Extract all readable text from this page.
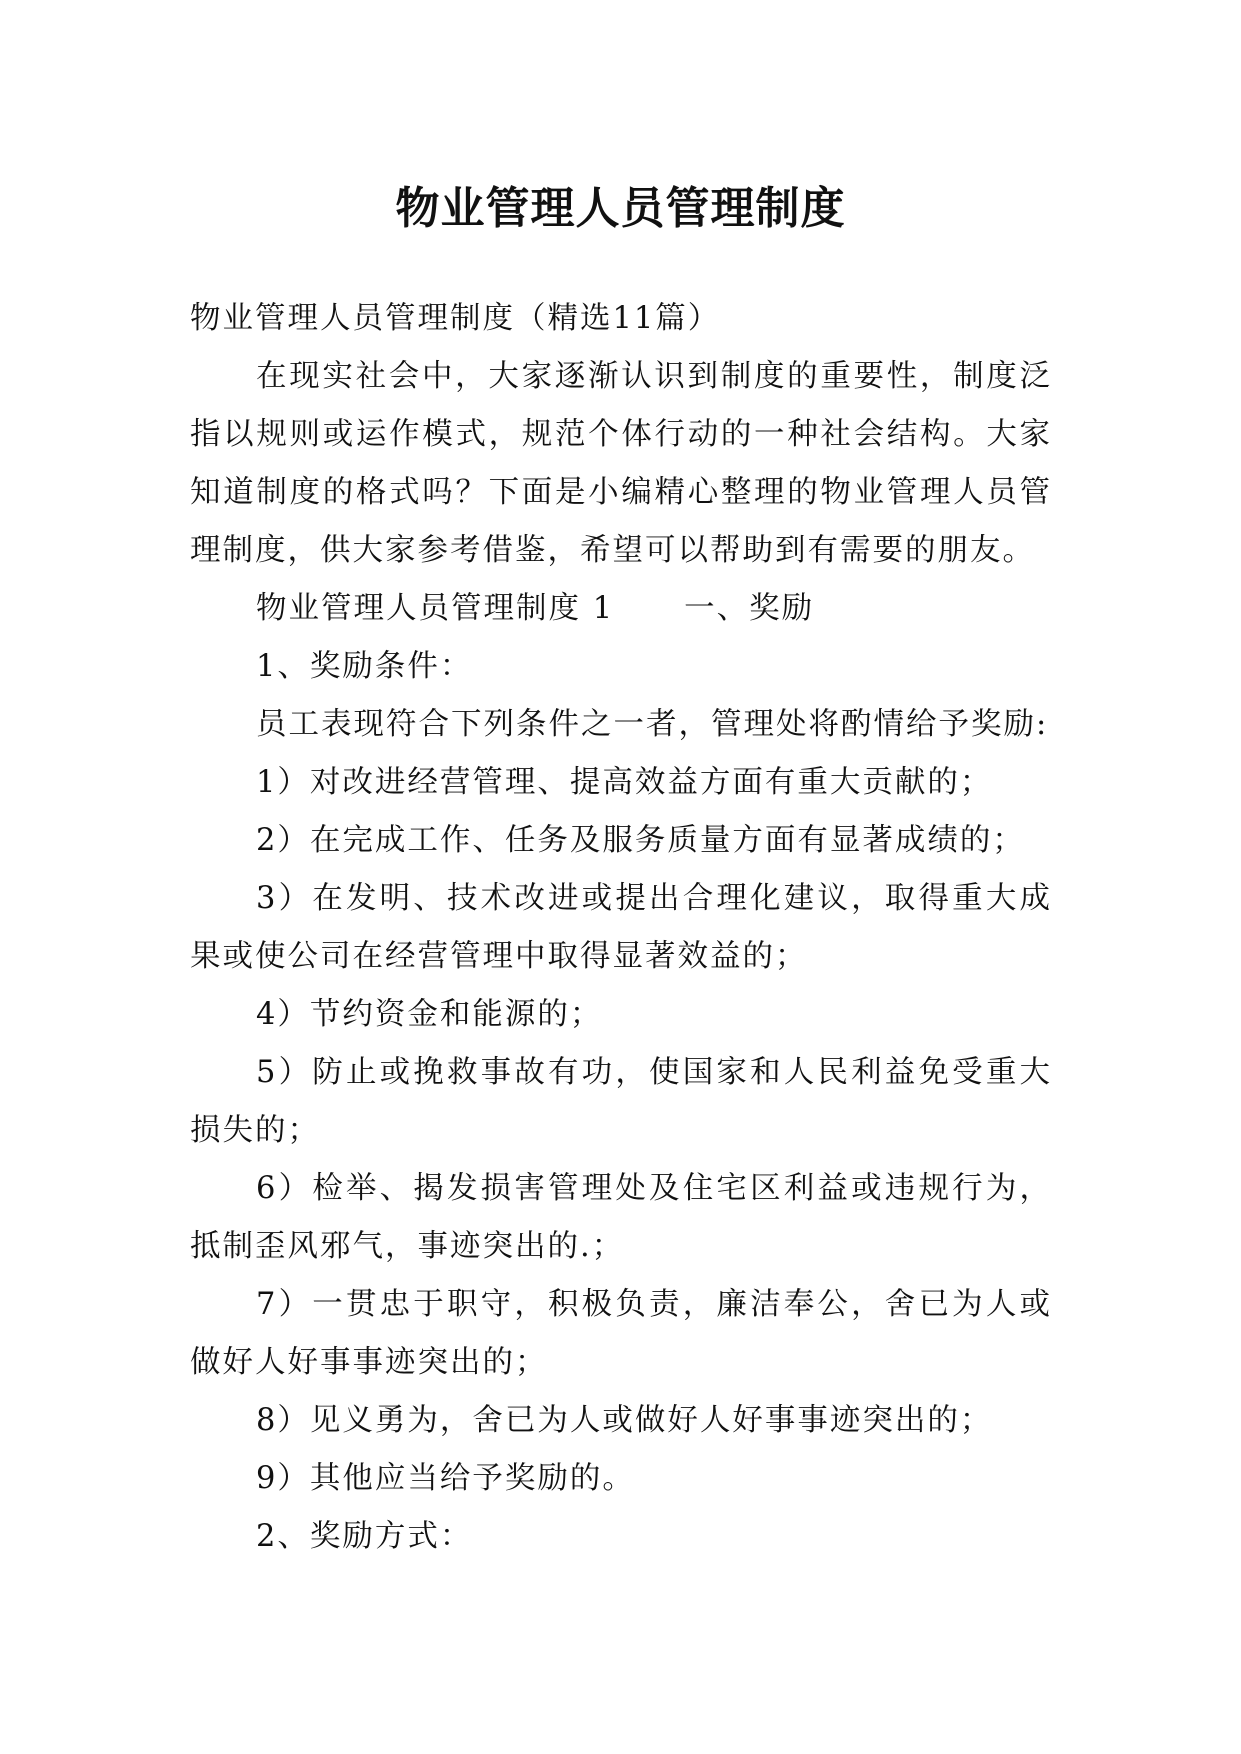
物业管理人员管理制度

物业管理人员管理制度（精选11篇）

在现实社会中，大家逐渐认识到制度的重要性，制度泛指以规则或运作模式，规范个体行动的一种社会结构。大家知道制度的格式吗？下面是小编精心整理的物业管理人员管理制度，供大家参考借鉴，希望可以帮助到有需要的朋友。

物业管理人员管理制度 1 一、奖励

1、奖励条件：

员工表现符合下列条件之一者，管理处将酌情给予奖励:

1）对改进经营管理、提高效益方面有重大贡献的；

2）在完成工作、任务及服务质量方面有显著成绩的；

3）在发明、技术改进或提出合理化建议，取得重大成果或使公司在经营管理中取得显著效益的；

4）节约资金和能源的；

5）防止或挽救事故有功，使国家和人民利益免受重大损失的；

6）检举、揭发损害管理处及住宅区利益或违规行为，抵制歪风邪气，事迹突出的.；

7）一贯忠于职守，积极负责，廉洁奉公，舍已为人或做好人好事事迹突出的；

8）见义勇为，舍已为人或做好人好事事迹突出的；

9）其他应当给予奖励的。

2、奖励方式：
